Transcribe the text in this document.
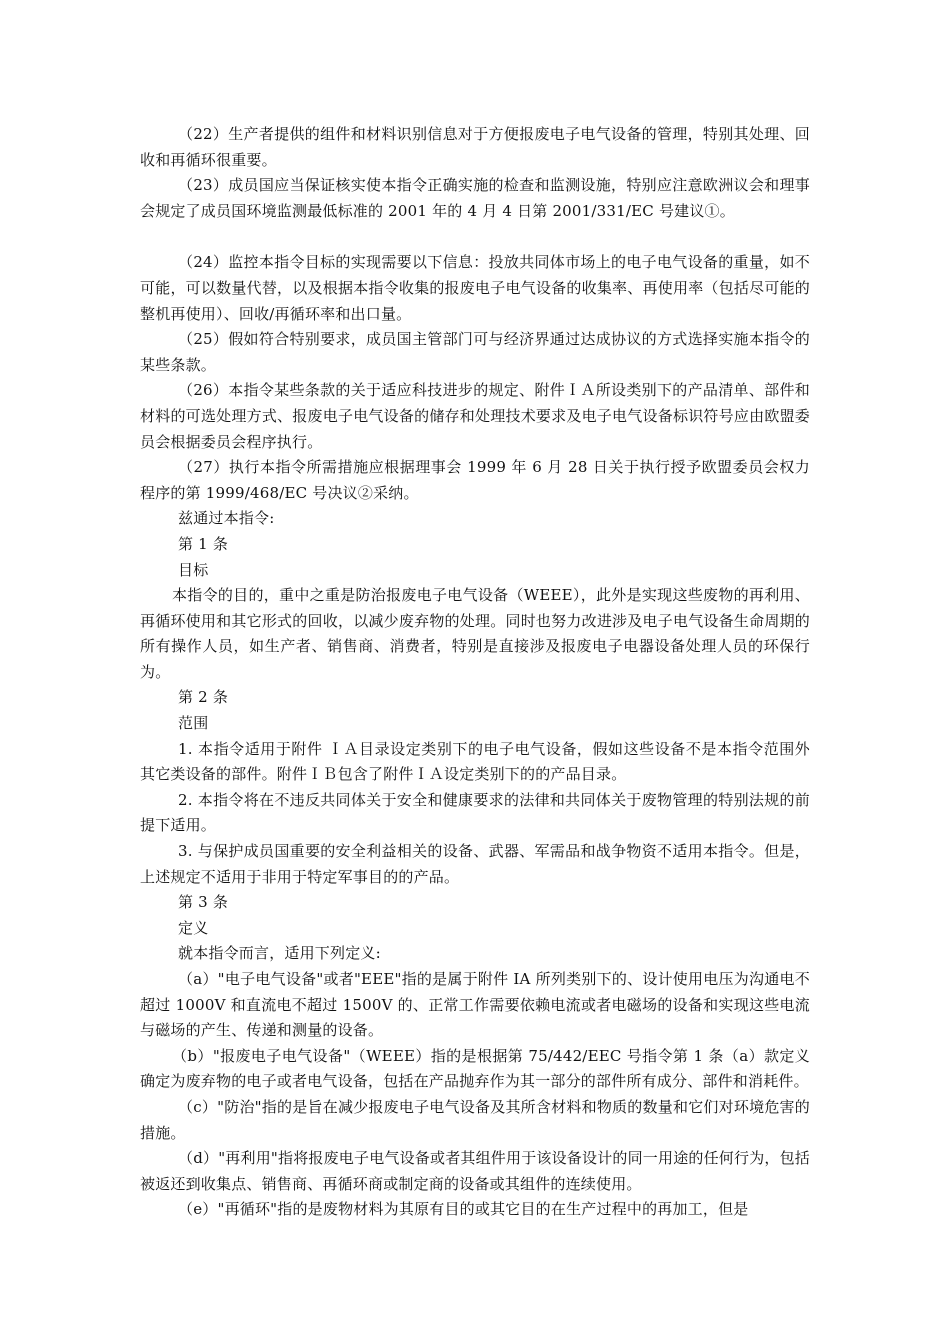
（22）生产者提供的组件和材料识别信息对于方便报废电子电气设备的管理，特别其处理、回收和再循环很重要。

（23）成员国应当保证核实使本指令正确实施的检查和监测设施，特别应注意欧洲议会和理事会规定了成员国环境监测最低标准的 2001 年的 4 月 4 日第 2001/331/EC 号建议①。

（24）监控本指令目标的实现需要以下信息：投放共同体市场上的电子电气设备的重量，如不可能，可以数量代替，以及根据本指令收集的报废电子电气设备的收集率、再使用率（包括尽可能的整机再使用）、回收/再循环率和出口量。

（25）假如符合特别要求，成员国主管部门可与经济界通过达成协议的方式选择实施本指令的某些条款。

（26）本指令某些条款的关于适应科技进步的规定、附件ＩＡ所设类别下的产品清单、部件和材料的可选处理方式、报废电子电气设备的储存和处理技术要求及电子电气设备标识符号应由欧盟委员会根据委员会程序执行。

（27）执行本指令所需措施应根据理事会 1999 年 6 月 28 日关于执行授予欧盟委员会权力程序的第 1999/468/EC 号决议②采纳。

兹通过本指令:

第 1 条

目标

本指令的目的，重中之重是防治报废电子电气设备（WEEE），此外是实现这些废物的再利用、再循环使用和其它形式的回收，以减少废弃物的处理。同时也努力改进涉及电子电气设备生命周期的所有操作人员，如生产者、销售商、消费者，特别是直接涉及报废电子电器设备处理人员的环保行为。

第 2 条

范围

1. 本指令适用于附件 ＩＡ目录设定类别下的电子电气设备，假如这些设备不是本指令范围外其它类设备的部件。附件ＩＢ包含了附件ＩＡ设定类别下的的产品目录。

2. 本指令将在不违反共同体关于安全和健康要求的法律和共同体关于废物管理的特别法规的前提下适用。

3. 与保护成员国重要的安全利益相关的设备、武器、军需品和战争物资不适用本指令。但是，上述规定不适用于非用于特定军事目的的产品。

第 3 条

定义

就本指令而言，适用下列定义:

（a）"电子电气设备"或者"EEE"指的是属于附件 IA 所列类别下的、设计使用电压为沟通电不超过 1000V 和直流电不超过 1500V 的、正常工作需要依赖电流或者电磁场的设备和实现这些电流与磁场的产生、传递和测量的设备。

（b）"报废电子电气设备"（WEEE）指的是根据第 75/442/EEC 号指令第 1 条（a）款定义确定为废弃物的电子或者电气设备，包括在产品抛弃作为其一部分的部件所有成分、部件和消耗件。

（c）"防治"指的是旨在减少报废电子电气设备及其所含材料和物质的数量和它们对环境危害的措施。

（d）"再利用"指将报废电子电气设备或者其组件用于该设备设计的同一用途的任何行为，包括被返还到收集点、销售商、再循环商或制定商的设备或其组件的连续使用。

（e）"再循环"指的是废物材料为其原有目的或其它目的在生产过程中的再加工，但是
